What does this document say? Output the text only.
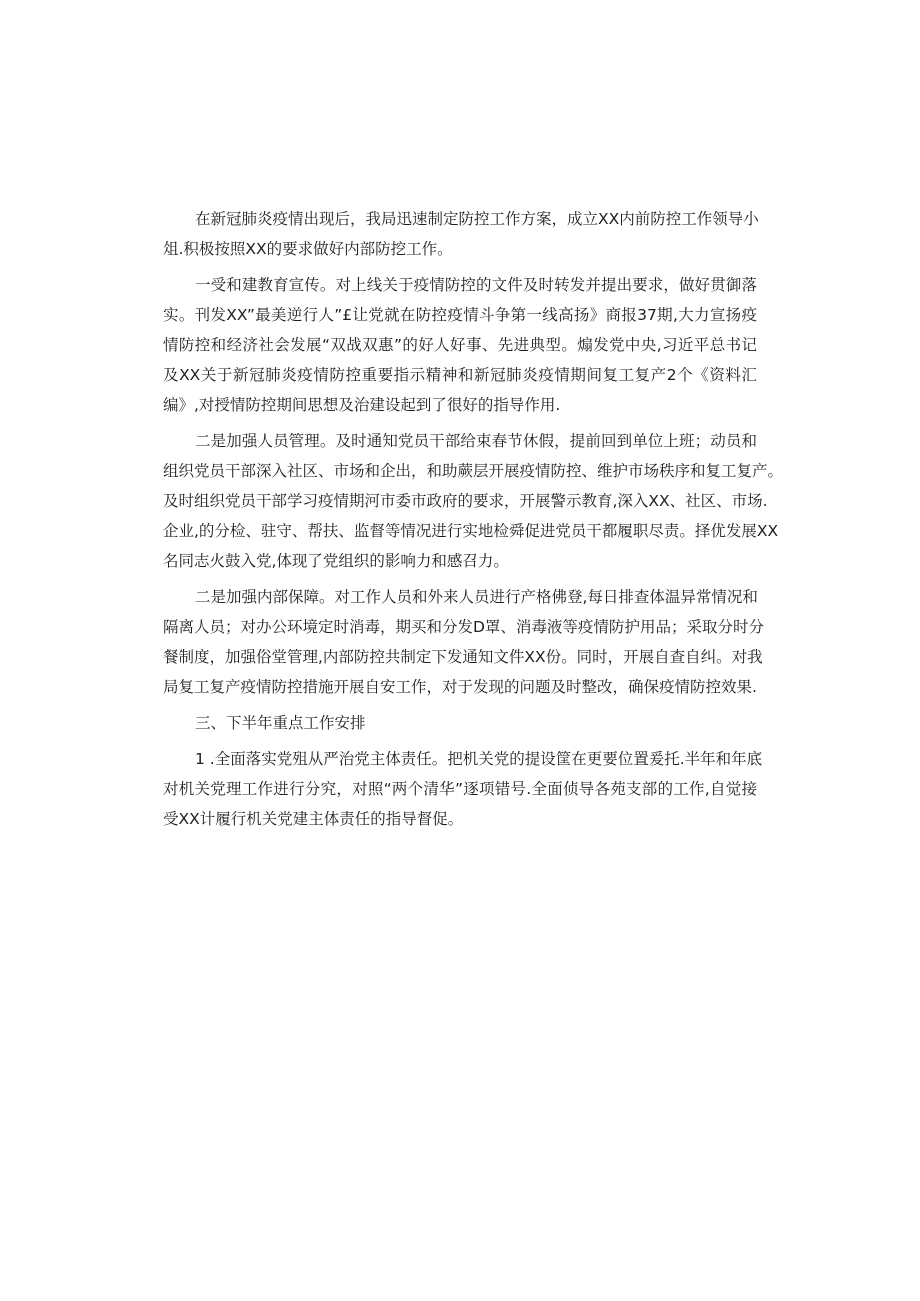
在新冠肺炎疫情出现后，我局迅速制定防控工作方案，成立XX内前防控工作领导小
俎.积极按照XX的要求做好内部防挖工作。
一受和建教育宣传。对上线关于疫情防控的文件及时转发并提出要求，做好贯御落
实。刊发XX”最美逆行人”£让党就在防控疫情斗争第一线高扬》商报37期,大力宣扬疫
情防控和经济社会发展“双战双惠”的好人好事、先进典型。煽发党中央,习近平总书记
及XX关于新冠肺炎疫情防控重要指示精神和新冠肺炎疫情期间复工复产2个《资料汇
编》,对授情防控期间思想及治建设起到了很好的指导作用.
二是加强人员管理。及时通知党员干部给束春节休假，提前回到单位上班；动员和
组织党员干部深入社区、市场和企出，和助蕨层开展疫情防控、维护市场秩序和复工复产。
及时组织党员干部学习疫情期河市委市政府的要求，开展警示教育,深入XX、社区、市场.
企业,的分检、驻守、帮扶、监督等情况进行实地检舜促进党员干都履职尽责。择优发展XX
名同志火鼓入党,体现了党组织的影响力和感召力。
二是加强内部保障。对工作人员和外来人员进行产格佛登,每日排查体温异常情况和
隔离人员；对办公环境定时消毒，期买和分发D罩、消毒液等疫情防护用品；采取分时分
餐制度，加强俗堂管理,内部防控共制定下发通知文件XX份。同时，开展自查自纠。对我
局复工复产疫情防控措施开展自安工作，对于发现的问题及时整改，确保疫情防控效果.
三、下半年重点工作安排
1 .全面落实党殂从严治党主体责任。把机关党的提设筐在更要位置爰托.半年和年底
对机关党理工作进行分究，对照“两个清华”逐项错号.全面侦导各苑支部的工作,自觉接
受XX计履行机关党建主体责任的指导督促。
